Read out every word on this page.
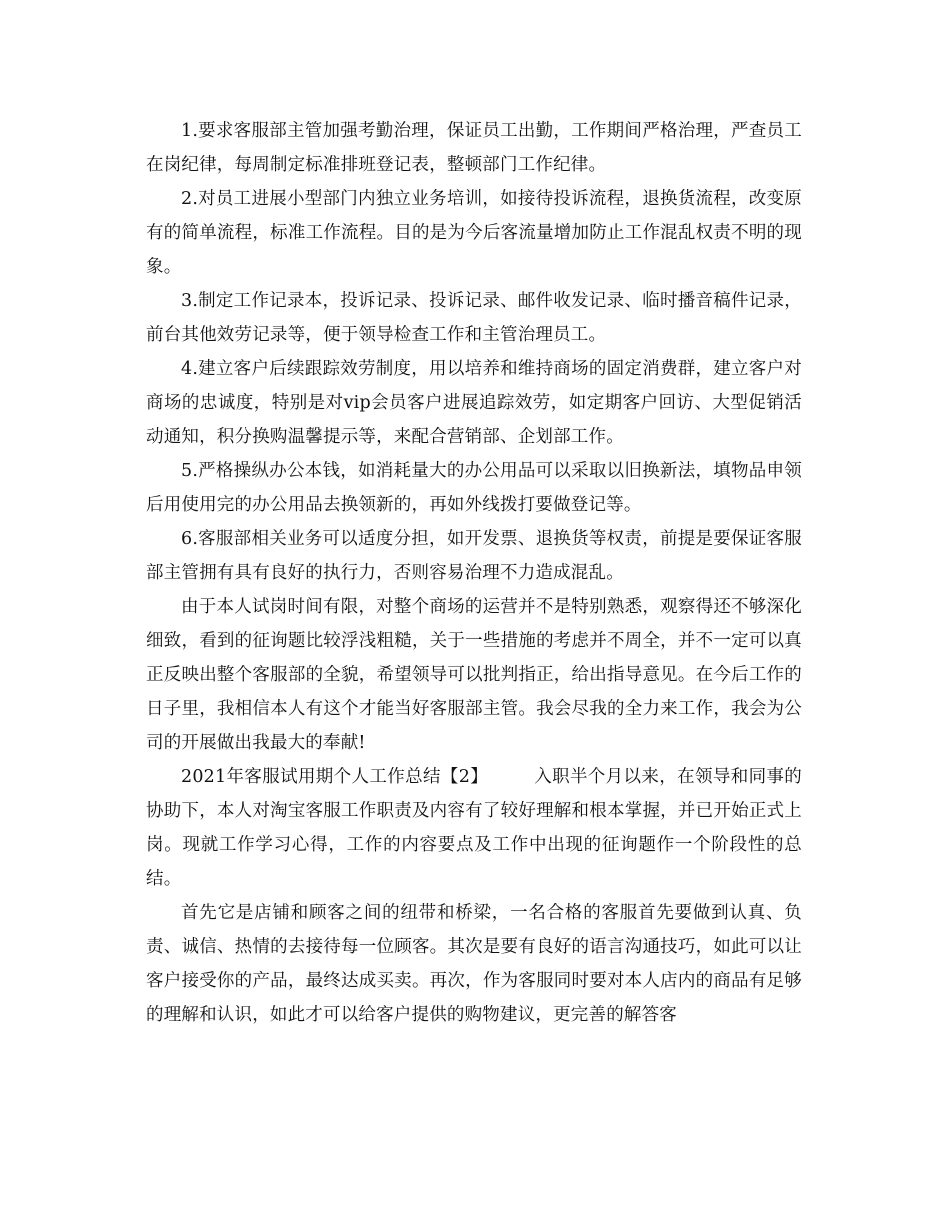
1.要求客服部主管加强考勤治理，保证员工出勤，工作期间严格治理，严查员工在岗纪律，每周制定标准排班登记表，整顿部门工作纪律。

2.对员工进展小型部门内独立业务培训，如接待投诉流程，退换货流程，改变原有的简单流程，标准工作流程。目的是为今后客流量增加防止工作混乱权责不明的现象。

3.制定工作记录本，投诉记录、投诉记录、邮件收发记录、临时播音稿件记录，前台其他效劳记录等，便于领导检查工作和主管治理员工。

4.建立客户后续跟踪效劳制度，用以培养和维持商场的固定消费群，建立客户对商场的忠诚度，特别是对vip会员客户进展追踪效劳，如定期客户回访、大型促销活动通知，积分换购温馨提示等，来配合营销部、企划部工作。

5.严格操纵办公本钱，如消耗量大的办公用品可以采取以旧换新法，填物品申领后用使用完的办公用品去换领新的，再如外线拨打要做登记等。

6.客服部相关业务可以适度分担，如开发票、退换货等权责，前提是要保证客服部主管拥有具有良好的执行力，否则容易治理不力造成混乱。

由于本人试岗时间有限，对整个商场的运营并不是特别熟悉，观察得还不够深化细致，看到的征询题比较浮浅粗糙，关于一些措施的考虑并不周全，并不一定可以真正反映出整个客服部的全貌，希望领导可以批判指正，给出指导意见。在今后工作的日子里，我相信本人有这个才能当好客服部主管。我会尽我的全力来工作，我会为公司的开展做出我最大的奉献!

2021年客服试用期个人工作总结【2】	入职半个月以来，在领导和同事的协助下，本人对淘宝客服工作职责及内容有了较好理解和根本掌握，并已开始正式上岗。现就工作学习心得，工作的内容要点及工作中出现的征询题作一个阶段性的总结。

首先它是店铺和顾客之间的纽带和桥梁，一名合格的客服首先要做到认真、负责、诚信、热情的去接待每一位顾客。其次是要有良好的语言沟通技巧，如此可以让客户接受你的产品，最终达成买卖。再次，作为客服同时要对本人店内的商品有足够的理解和认识，如此才可以给客户提供的购物建议，更完善的解答客
